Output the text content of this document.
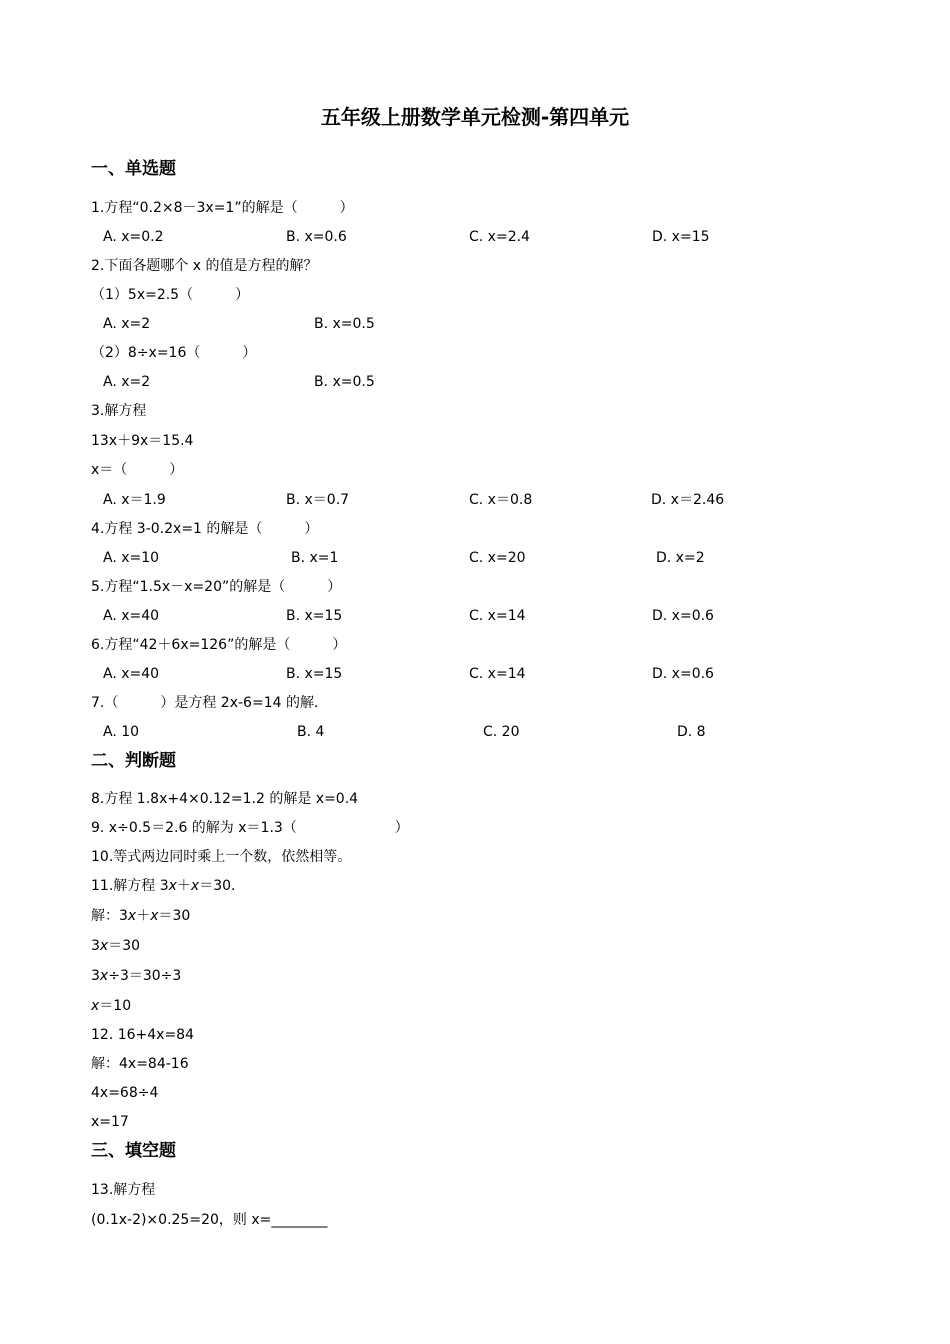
五年级上册数学单元检测-第四单元
一、单选题
1.方程“0.2×8－3x=1”的解是（　　　）
A. x=0.2	B. x=0.6	C. x=2.4	D. x=15
2.下面各题哪个 x 的值是方程的解？
（1）5x=2.5（　　　）
A. x=2	B. x=0.5
（2）8÷x=16（　　　）
A. x=2	B. x=0.5
3.解方程
13x＋9x＝15.4
x＝（　　　）
A. x＝1.9	B. x＝0.7	C. x＝0.8	D. x＝2.46
4.方程 3-0.2x=1 的解是（　　　）
A. x=10	B. x=1	C. x=20	D. x=2
5.方程“1.5x－x=20”的解是（　　　）
A. x=40	B. x=15	C. x=14	D. x=0.6
6.方程“42＋6x=126”的解是（　　　）
A. x=40	B. x=15	C. x=14	D. x=0.6
7.（　　　）是方程 2x-6=14 的解．
A. 10	B. 4	C. 20	D. 8
二、判断题
8.方程 1.8x+4×0.12=1.2 的解是 x=0.4
9. x÷0.5＝2.6 的解为 x＝1.3（　　　　　　　）
10.等式两边同时乘上一个数，依然相等。
11.解方程 3x＋x＝30．
解：3x＋x＝30
3x＝30
3x÷3＝30÷3
x＝10
12. 16+4x=84
解：4x=84-16
4x=68÷4
x=17
三、填空题
13.解方程
(0.1x-2)×0.25=20，则 x=________
